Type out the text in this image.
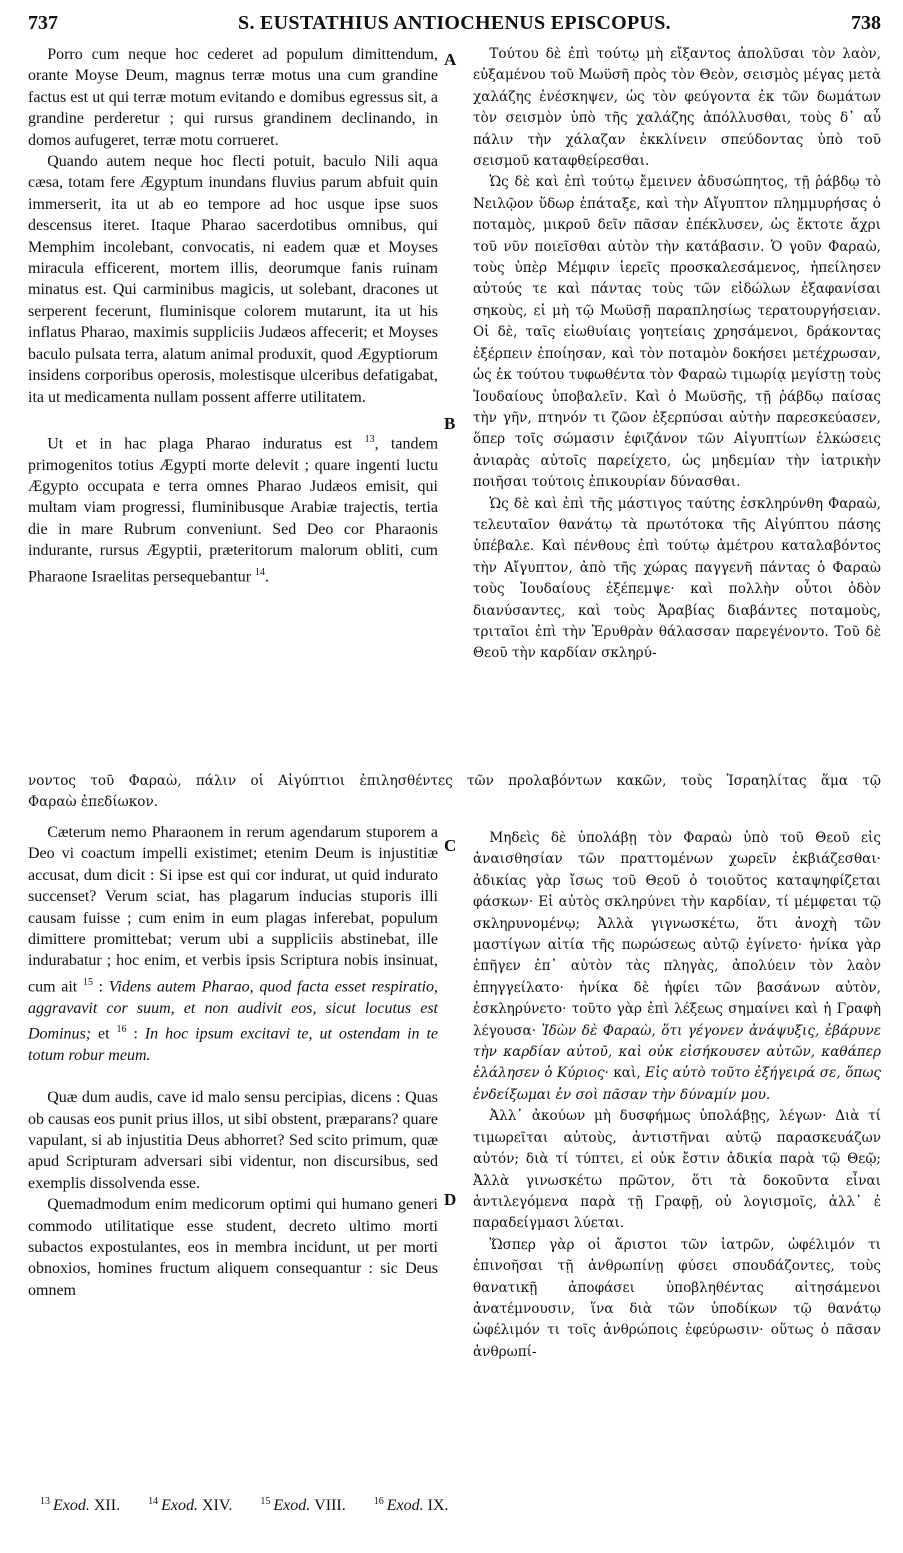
737	S. EUSTATHIUS ANTIOCHENUS EPISCOPUS.	738

Porro cum neque hoc cederet ad populum dimittendum, orante Moyse Deum, magnus terræ motus una cum grandine factus est ut qui terræ motum evitando e domibus egressus sit, a grandine perderetur ; qui rursus grandinem declinando, in domos aufugeret, terræ motu corrueret.

Quando autem neque hoc flecti potuit, baculo Nili aqua cæsa, totam fere Ægyptum inundans fluvius parum abfuit quin immerserit, ita ut ab eo tempore ad hoc usque ipse suos descensus iteret. Itaque Pharao sacerdotibus omnibus, qui Memphim incolebant, convocatis, ni eadem quæ et Moyses miracula efficerent, mortem illis, deorumque fanis ruinam minatus est. Qui carminibus magicis, ut solebant, dracones ut serperent fecerunt, fluminisque colorem mutarunt, ita ut his inflatus Pharao, maximis suppliciis Judæos affecerit; et Moyses baculo pulsata terra, alatum animal produxit, quod Ægyptiorum insidens corporibus operosis, molestisque ulceribus defatigabat, ita ut medicamenta nullam possent afferre utilitatem.

Ut et in hac plaga Pharao induratus est $^{13}$, tandem primogenitos totius Ægypti morte delevit ; quare ingenti luctu Ægypto occupata e terra omnes Pharao Judæos emisit, qui multam viam progressi, fluminibusque Arabiæ trajectis, tertia die in mare Rubrum conveniunt. Sed Deo cor Pharaonis indurante, rursus Ægyptii, præteritorum malorum obliti, cum Pharaone Israelitas persequebantur $^{14}$.

Τούτου δὲ ἐπὶ τούτῳ μὴ εἴξαντος ἀπολῦσαι τὸν λαὸν, εὐξαμένου τοῦ Μωϋσῆ πρὸς τὸν Θεὸν, σεισμὸς μέγας μετὰ χαλάζης ἐνέσκηψεν, ὡς τὸν φεύγοντα ἐκ τῶν δωμάτων τὸν σεισμὸν ὑπὸ τῆς χαλάζης ἀπόλλυσθαι, τοὺς δ᾽ αὖ πάλιν τὴν χάλαζαν ἐκκλίνειν σπεύδοντας ὑπὸ τοῦ σεισμοῦ καταφθείρεσθαι.

Ὡς δὲ καὶ ἐπὶ τούτῳ ἔμεινεν ἀδυσώπητος, τῇ ῥάβδῳ τὸ Νειλῷον ὕδωρ ἐπάταξε, καὶ τὴν Αἴγυπτον πλημμυρήσας ὁ ποταμὸς, μικροῦ δεῖν πᾶσαν ἐπέκλυσεν, ὡς ἔκτοτε ἄχρι τοῦ νῦν ποιεῖσθαι αὐτὸν τὴν κατάβασιν. Ὁ γοῦν Φαραὼ, τοὺς ὑπὲρ Μέμφιν ἱερεῖς προσκαλεσάμενος, ἠπείλησεν αὐτούς τε καὶ πάντας τοὺς τῶν εἰδώλων ἐξαφανίσαι σηκοὺς, εἰ μὴ τῷ Μωϋσῇ παραπλησίως τερατουργήσειαν. Οἱ δὲ, ταῖς εἰωθυίαις γοητείαις χρησάμενοι, δράκοντας ἐξέρπειν ἐποίησαν, καὶ τὸν ποταμὸν δοκήσει μετέχρωσαν, ὡς ἐκ τούτου τυφωθέντα τὸν Φαραὼ τιμωρίᾳ μεγίστῃ τοὺς Ἰουδαίους ὑποβαλεῖν. Καὶ ὁ Μωϋσῆς, τῇ ῥάβδῳ παίσας τὴν γῆν, πτηνόν τι ζῶον ἐξερπύσαι αὐτὴν παρεσκεύασεν, ὅπερ τοῖς σώμασιν ἐφιζάνον τῶν Αἰγυπτίων ἑλκώσεις ἀνιαρὰς αὐτοῖς παρείχετο, ὡς μηδεμίαν τὴν ἰατρικὴν ποιῆσαι τούτοις ἐπικουρίαν δύνασθαι.

Ὡς δὲ καὶ ἐπὶ τῆς μάστιγος ταύτης ἐσκληρύνθη Φαραὼ, τελευταῖον θανάτῳ τὰ πρωτότοκα τῆς Αἰγύπτου πάσης ὑπέβαλε. Καὶ πένθους ἐπὶ τούτῳ ἀμέτρου καταλαβόντος τὴν Αἴγυπτον, ἀπὸ τῆς χώρας παγγενῆ πάντας ὁ Φαραὼ τοὺς Ἰουδαίους ἐξέπεμψε· καὶ πολλὴν οὗτοι ὁδὸν διανύσαντες, καὶ τοὺς Ἀραβίας διαβάντες ποταμοὺς, τριταῖοι ἐπὶ τὴν Ἐρυθρὰν θάλασσαν παρεγένοντο. Τοῦ δὲ Θεοῦ τὴν καρδίαν σκληρύ-

νοντος τοῦ Φαραὼ, πάλιν οἱ Αἰγύπτιοι ἐπιλησθέντες τῶν προλαβόντων κακῶν, τοὺς Ἰσραηλίτας ἅμα τῷ
Φαραὼ ἐπεδίωκον.

Cæterum nemo Pharaonem in rerum agendarum stuporem a Deo vi coactum impelli existimet; etenim Deum is injustitiæ accusat, dum dicit : Si ipse est qui cor indurat, ut quid indurato succenset? Verum sciat, has plagarum inducias stuporis illi causam fuisse ; cum enim in eum plagas inferebat, populum dimittere promittebat; verum ubi a suppliciis abstinebat, ille indurabatur ; hoc enim, et verbis ipsis Scriptura nobis insinuat, cum ait $^{15}$ : Videns autem Pharao, quod facta esset respiratio, aggravavit cor suum, et non audivit eos, sicut locutus est Dominus; et $^{16}$ : In hoc ipsum excitavi te, ut ostendam in te totum robur meum.

Quæ dum audis, cave id malo sensu percipias, dicens : Quas ob causas eos punit prius illos, ut sibi obstent, præparans? quare vapulant, si ab injustitia Deus abhorret? Sed scito primum, quæ apud Scripturam adversari sibi videntur, non discursibus, sed exemplis dissolvenda esse.

Quemadmodum enim medicorum optimi qui humano generi commodo utilitatique esse student, decreto ultimo morti subactos expostulantes, eos in membra incidunt, ut per morti obnoxios, homines fructum aliquem consequantur : sic Deus omnem

Μηδεὶς δὲ ὑπολάβῃ τὸν Φαραὼ ὑπὸ τοῦ Θεοῦ εἰς ἀναισθησίαν τῶν πραττομένων χωρεῖν ἐκβιάζεσθαι· ἀδικίας γὰρ ἴσως τοῦ Θεοῦ ὁ τοιοῦτος καταψηφίζεται φάσκων· Εἰ αὐτὸς σκληρύνει τὴν καρδίαν, τί μέμφεται τῷ σκληρυνομένῳ; Ἀλλὰ γιγνωσκέτω, ὅτι ἀνοχὴ τῶν μαστίγων αἰτία τῆς πωρώσεως αὐτῷ ἐγίνετο· ἡνίκα γὰρ ἐπῆγεν ἐπ᾽ αὐτὸν τὰς πληγὰς, ἀπολύειν τὸν λαὸν ἐπηγγείλατο· ἡνίκα δὲ ἠφίει τῶν βασάνων αὐτὸν, ἐσκληρύνετο· τοῦτο γὰρ ἐπὶ λέξεως σημαίνει καὶ ἡ Γραφὴ λέγουσα· Ἰδὼν δὲ Φαραὼ, ὅτι γέγονεν ἀνάψυξις, ἐβάρυνε τὴν καρδίαν αὐτοῦ, καὶ οὐκ εἰσήκουσεν αὐτῶν, καθάπερ ἐλάλησεν ὁ Κύριος· καὶ, Εἰς αὐτὸ τοῦτο ἐξήγειρά σε, ὅπως ἐνδείξωμαι ἐν σοὶ πᾶσαν τὴν δύναμίν μου.

Ἀλλ᾽ ἀκούων μὴ δυσφήμως ὑπολάβῃς, λέγων· Διὰ τί τιμωρεῖται αὐτοὺς, ἀντιστῆναι αὐτῷ παρασκευάζων αὐτόν; διὰ τί τύπτει, εἰ οὐκ ἔστιν ἀδικία παρὰ τῷ Θεῷ; Ἀλλὰ γινωσκέτω πρῶτον, ὅτι τὰ δοκοῦντα εἶναι ἀντιλεγόμενα παρὰ τῇ Γραφῇ, οὐ λογισμοῖς, ἀλλ᾽ ἐ παραδείγμασι λύεται.

Ὥσπερ γὰρ οἱ ἄριστοι τῶν ἰατρῶν, ὠφέλιμόν τι ἐπινοῆσαι τῇ ἀνθρωπίνῃ φύσει σπουδάζοντες, τοὺς θανατικῇ ἀποφάσει ὑποβληθέντας αἰτησάμενοι ἀνατέμνουσιν, ἵνα διὰ τῶν ὑποδίκων τῷ θανάτῳ ὠφέλιμόν τι τοῖς ἀνθρώποις ἐφεύρωσιν· οὕτως ὁ πᾶσαν ἀνθρωπί-

A
B
C
D
$^{13}$ Exod. XII.	$^{14}$ Exod. XIV.	$^{15}$ Exod. VIII.	$^{16}$ Exod. IX.
